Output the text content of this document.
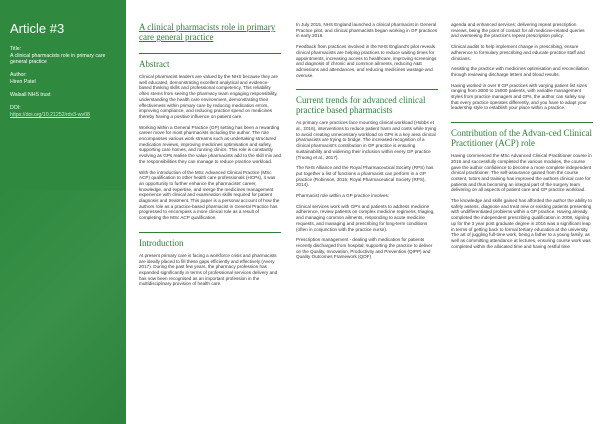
Article #3

Title:
A clinical pharmacists role in primary care general practice

Author:
Hiren Patel

Walsall NHS trust

DOI:
https://doi.org/10.21252/rdv3-wv08

A clinical pharmacists role in primary care general practice
Abstract

Clinical pharmacist leaders are valued by the NHS because they are well educated, demonstrating excellent analytical and evidence-based thinking skills and professional competency. This reliability often stems from seeing the pharmacy team engaging responsibility, understanding the health care environment, demonstrating their effectiveness within primary care by reducing medication errors, improving compliance, and reducing practice spend on medicines thereby having a positive influence on patient care.

Working within a General Practice (GP) setting has been a rewarding career move for most pharmacists including the author. The role encompasses various work streams such as undertaking structured medication reviews, improving medicines optimisation and safety, supporting care homes, and running clinics. This role is constantly evolving as GPs realise the value pharmacists add to the skill mix and the responsibilities they can manage to reduce practice workload.

With the introduction of the MSc Advanced Clinical Practice (MSc ACP) qualification to other health care professionals (HCPs), it was an opportunity to further enhance the pharmacists' career, knowledge, and expertise, and merge the medicines management experience with clinical and examination skills required for patient diagnosis and treatment. This paper is a personal account of how the authors role as a practice-based pharmacist in General Practice has progressed to encompass a more clinical role as a result of completing the MSc ACP qualification.

Introduction

At present primary care is facing a workforce crisis and pharmacists are ideally placed to fill these gaps efficiently and effectively (Avery 2017). During the past few years, the pharmacy profession has expanded significantly in terms of professional services delivery and has now been recognised as an important profession in the multidisciplinary provision of health care.

In July 2015, NHS England launched a clinical pharmacist in General Practice pilot, and clinical pharmacists began working in GP practices in early 2016.

Feedback from practices involved in the NHS England's pilot reveals clinical pharmacists are helping practices to reduce waiting times for appointments, increasing access to healthcare, improving screenings and diagnosis of chronic and common ailments, reducing A&E admissions and attendances, and reducing medicines wastage and overuse.

Current trends for advanced clinical practice based pharmacists

As primary care practices face mounting clinical workload (Hobbs et al., 2016), interventions to reduce patient harm and costs while trying to avoid creating unnecessary workload on GPs is a key area clinical pharmacists are trying to bridge. The increased recognition of a clinical pharmacist's contribution in GP practice is ensuring sustainability and widening their inclusion within every GP practice (Truong et al., 2017).

The NHS Alliance and the Royal Pharmaceutical Society (RPS) has put together a list of functions a pharmacist can perform in a GP practice (Robinson, 2015; Royal Pharmaceutical Society (RPS), 2014).

Pharmacist role within a GP practice involves:

Clinical services work with GP's and patients to address medicine adherence, review patients on complex medicine regimens, triaging, and managing common ailments, responding to acute medicine requests, and managing and prescribing for long-term conditions (often in conjunction with the practice nurse).

Prescription management - dealing with medication for patients recently discharged from hospital; supporting the practice to deliver on the Quality, Innovation, Productivity and Prevention (QIPP) and Quality Outcomes Framework (QOF)

agenda and enhanced services; delivering repeat prescription reviews, being the point of contact for all medicine-related queries and overseeing the practice's repeat prescription policy.

Clinical audits to help implement change in prescribing, ensure adherence to formulary prescribing and educate practice staff and clinicians.

Assisting the practice with medicines optimisation and reconciliation through reviewing discharge letters and blood results.

Having worked in over 8 GP practices with varying patient list sizes ranging from 3000 to 15000 patients, with variable management styles from practice managers and GPs, the author can safely say that every practice operates differently, and you have to adapt your leadership style to establish your place within a practice.

Contribution of the Advan-ced Clinical Practitioner (ACP) role

Having commenced the MSc Advanced Clinical Practitioner course in 2016 and successfully completed the various modules, the course gave the author confidence to become a more complete independent clinical practitioner. The self-assurance gained from the course content, tutors and training has improved the authors clinical care for patients and thus becoming an integral part of the surgery team delivering on all aspects of patient care and GP practice workload.

The knowledge and skills gained has afforded the author the ability to safely assess, diagnose and treat new or existing patients presenting with undifferentiated problems within a GP practice. Having already completed the independent prescribing qualification in 2008, signing up for the 3 year post graduate degree in 2016 was a significant leap in terms of getting back to formal tertiary education at the university. The art of juggling full-time work, being a father to a young family, as well as committing attendance at lectures, ensuring course work was completed within the allocated time and having restful time
